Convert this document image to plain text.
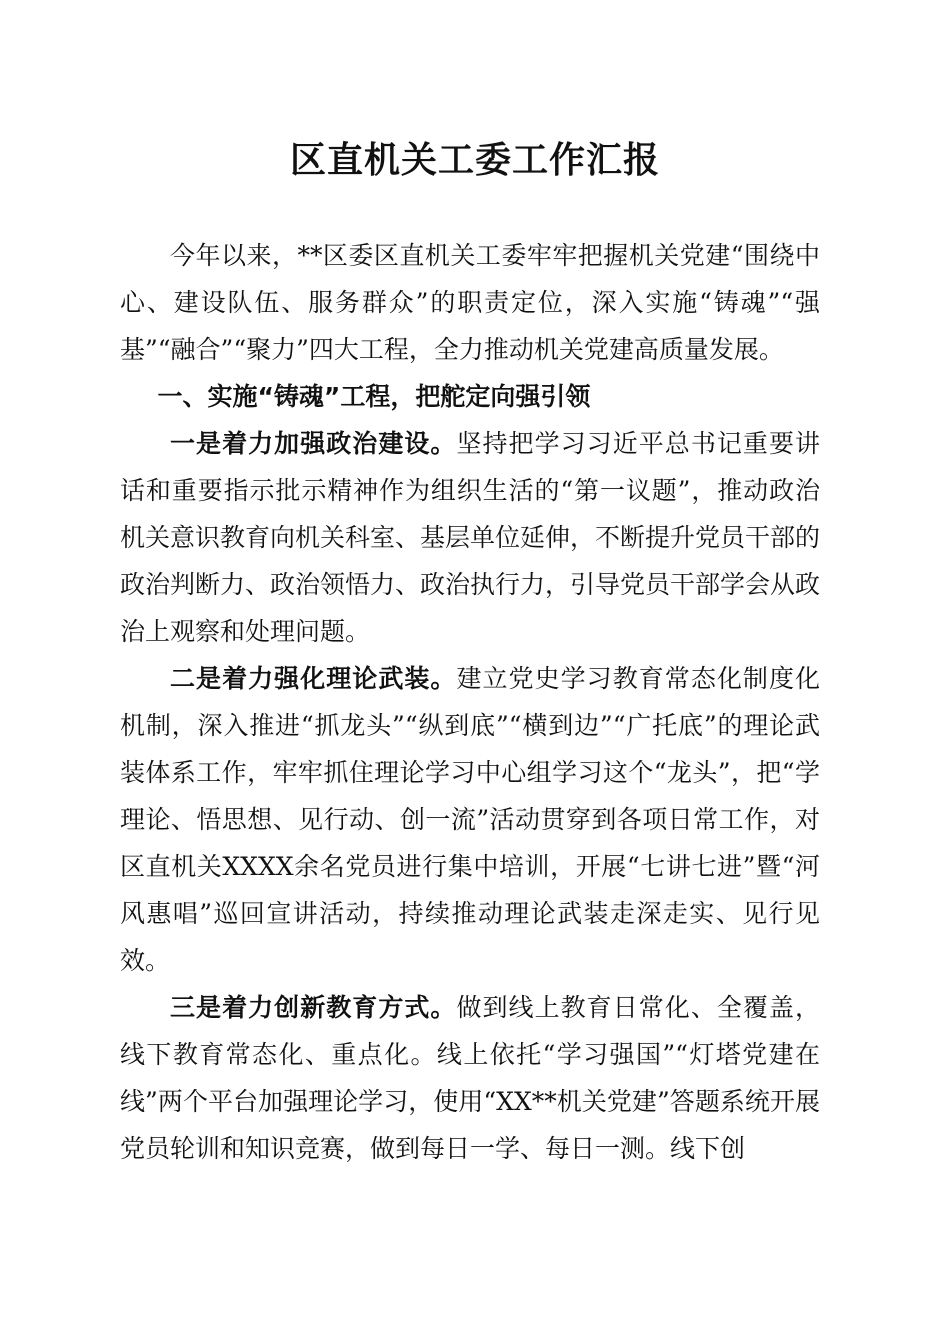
区直机关工委工作汇报

今年以来，**区委区直机关工委牢牢把握机关党建“围绕中心、建设队伍、服务群众”的职责定位，深入实施“铸魂”“强基”“融合”“聚力”四大工程，全力推动机关党建高质量发展。

一、实施“铸魂”工程，把舵定向强引领

一是着力加强政治建设。坚持把学习习近平总书记重要讲话和重要指示批示精神作为组织生活的“第一议题”，推动政治机关意识教育向机关科室、基层单位延伸，不断提升党员干部的政治判断力、政治领悟力、政治执行力，引导党员干部学会从政治上观察和处理问题。

二是着力强化理论武装。建立党史学习教育常态化制度化机制，深入推进“抓龙头”“纵到底”“横到边”“广托底”的理论武装体系工作，牢牢抓住理论学习中心组学习这个“龙头”，把“学理论、悟思想、见行动、创一流”活动贯穿到各项日常工作，对区直机关XXXX余名党员进行集中培训，开展“七讲七进”暨“河风惠唱”巡回宣讲活动，持续推动理论武装走深走实、见行见效。

三是着力创新教育方式。做到线上教育日常化、全覆盖，线下教育常态化、重点化。线上依托“学习强国”“灯塔党建在线”两个平台加强理论学习，使用“XX**机关党建”答题系统开展党员轮训和知识竞赛，做到每日一学、每日一测。线下创
